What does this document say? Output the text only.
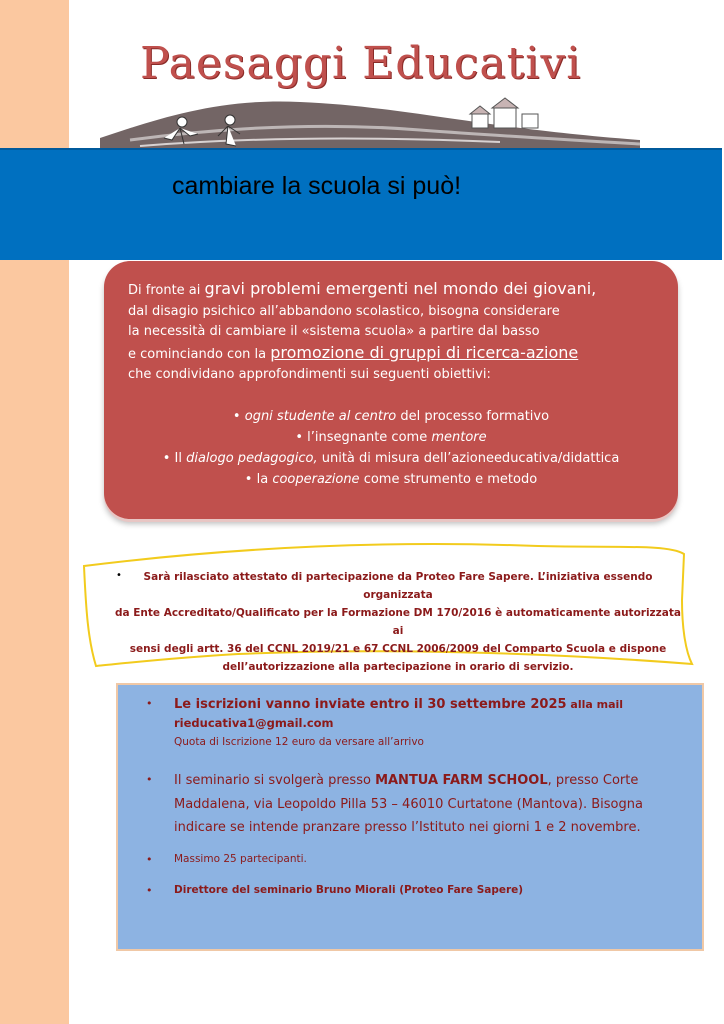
Paesaggi Educativi
cambiare la scuola si può!
Di fronte ai gravi problemi emergenti nel mondo dei giovani,
dal disagio psichico all’abbandono scolastico, bisogna considerare
la necessità di cambiare il «sistema scuola» a partire dal basso
e cominciando con la promozione di gruppi di ricerca-azione
che condividano approfondimenti sui seguenti obiettivi:
• ogni studente al centro del processo formativo
• l’insegnante come mentore
• Il dialogo pedagogico, unità di misura dell’azioneeducativa/didattica
• la cooperazione come strumento e metodo
•	Sarà rilasciato attestato di partecipazione da Proteo Fare Sapere. L’iniziativa essendo organizzata
da Ente Accreditato/Qualificato per la Formazione DM 170/2016 è automaticamente autorizzata ai
sensi degli artt. 36 del CCNL 2019/21 e 67 CCNL 2006/2009 del Comparto Scuola e dispone
dell’autorizzazione alla partecipazione in orario di servizio.
• Le iscrizioni vanno inviate entro il 30 settembre 2025 alla mail
rieducativa1@gmail.com
Quota di Iscrizione 12 euro da versare all’arrivo
• Il seminario si svolgerà presso MANTUA FARM SCHOOL, presso Corte
Maddalena, via Leopoldo Pilla 53 – 46010 Curtatone (Mantova). Bisogna
indicare se intende pranzare presso l’Istituto nei giorni 1 e 2 novembre.
• Massimo 25 partecipanti.
• Direttore del seminario Bruno Miorali (Proteo Fare Sapere)
